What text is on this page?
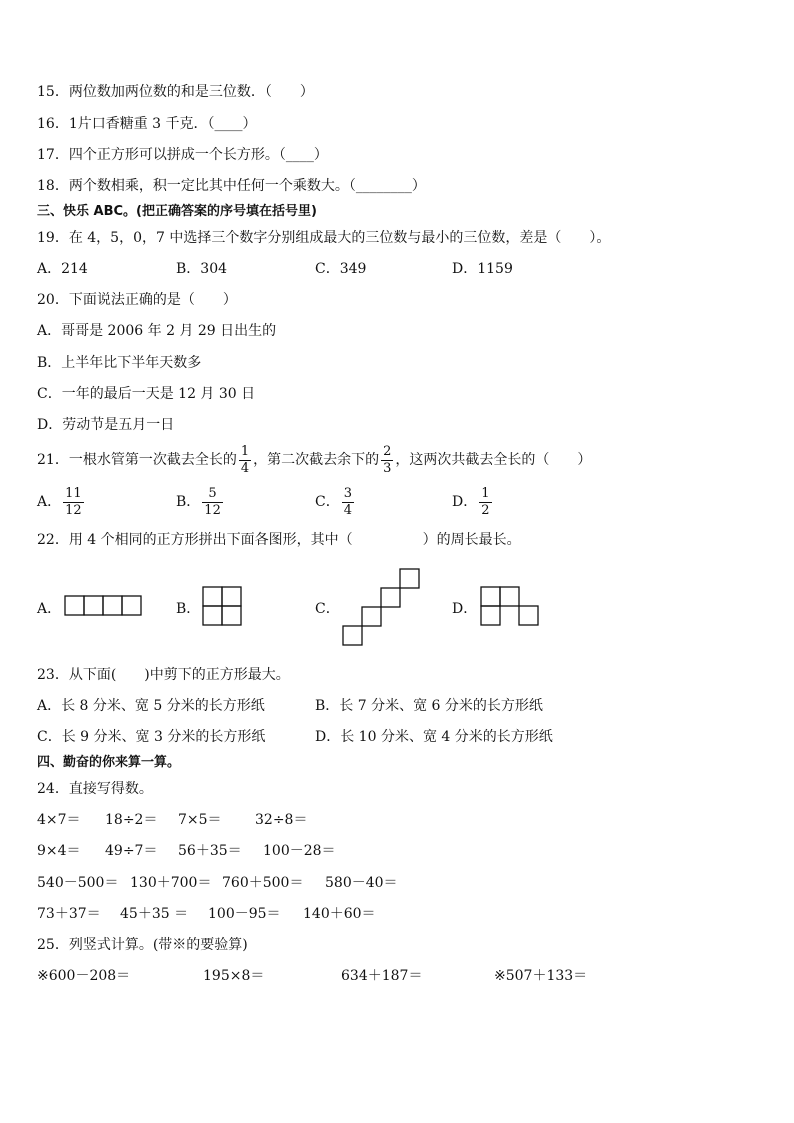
15．两位数加两位数的和是三位数．（　　）
16．1片口香糖重 3 千克．（____）
17．四个正方形可以拼成一个长方形。（____）
18．两个数相乘，积一定比其中任何一个乘数大。（________）
三、快乐 ABC。(把正确答案的序号填在括号里)
19．在 4，5，0，7 中选择三个数字分别组成最大的三位数与最小的三位数，差是（　　）。
A．214	B．304	C．349	D．1159
20．下面说法正确的是（　　）
A．哥哥是 2006 年 2 月 29 日出生的
B．上半年比下半年天数多
C．一年的最后一天是 12 月 30 日
D．劳动节是五月一日
21．一根水管第一次截去全长的 $\frac{1}{4}$ ，第二次截去余下的 $\frac{2}{3}$ ，这两次共截去全长的（　　）
A． $\frac{11}{12}$	B． $\frac{5}{12}$	C． $\frac{3}{4}$	D． $\frac{1}{2}$
22．用 4 个相同的正方形拼出下面各图形，其中（　　　　　）的周长最长。
A．	B．	C．	D．
23．从下面(　　)中剪下的正方形最大。
A．长 8 分米、宽 5 分米的长方形纸	B．长 7 分米、宽 6 分米的长方形纸
C．长 9 分米、宽 3 分米的长方形纸	D．长 10 分米、宽 4 分米的长方形纸
四、勤奋的你来算一算。
24．直接写得数。
4×7＝ 18÷2＝ 7×5＝ 32÷8＝
9×4＝ 49÷7＝ 56＋35＝ 100－28＝
540－500＝ 130＋700＝ 760＋500＝ 580－40＝
73＋37＝ 45＋35 ＝ 100－95＝ 140＋60＝
25．列竖式计算。(带※的要验算)
※600－208＝	195×8＝	634＋187＝	※507＋133＝
